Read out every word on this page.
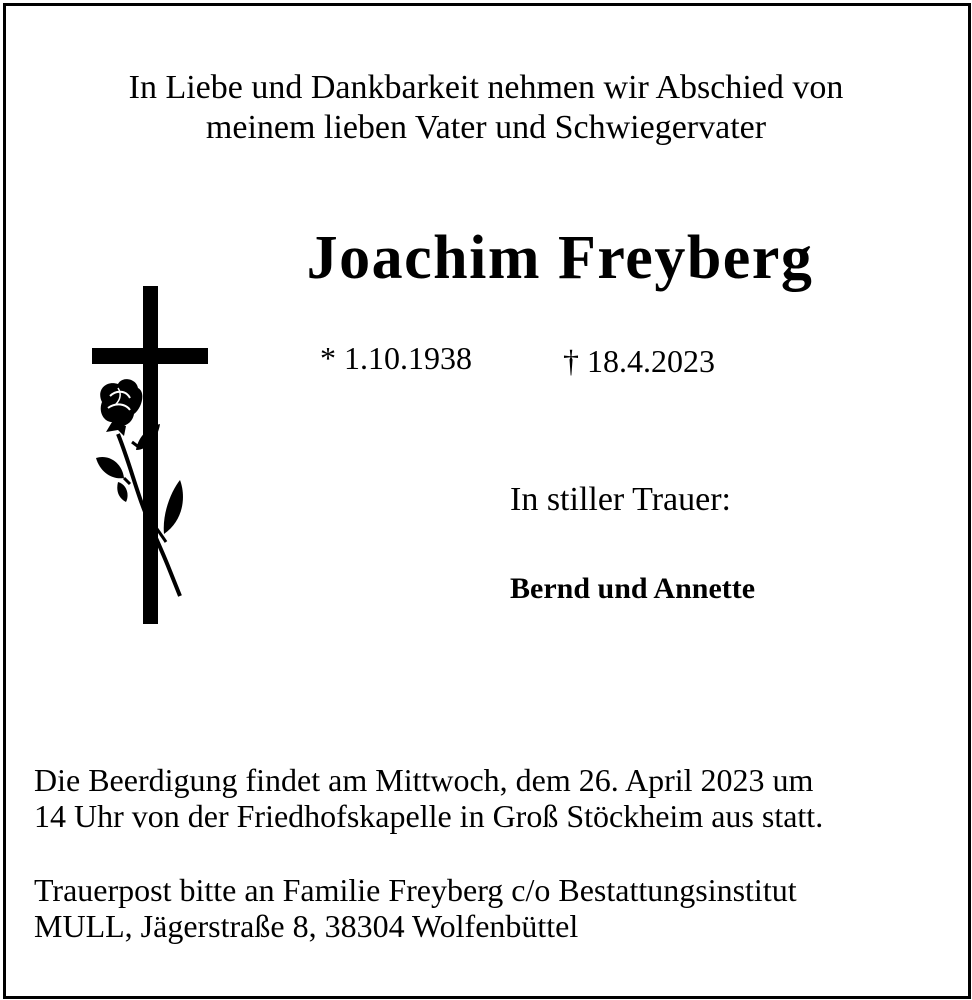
In Liebe und Dankbarkeit nehmen wir Abschied von
meinem lieben Vater und Schwiegervater
Joachim Freyberg
* 1.10.1938	† 18.4.2023
In stiller Trauer:
Bernd und Annette
Die Beerdigung findet am Mittwoch, dem 26. April 2023 um
14 Uhr von der Friedhofskapelle in Groß Stöckheim aus statt.
Trauerpost bitte an Familie Freyberg c/o Bestattungsinstitut
MULL, Jägerstraße 8, 38304 Wolfenbüttel
